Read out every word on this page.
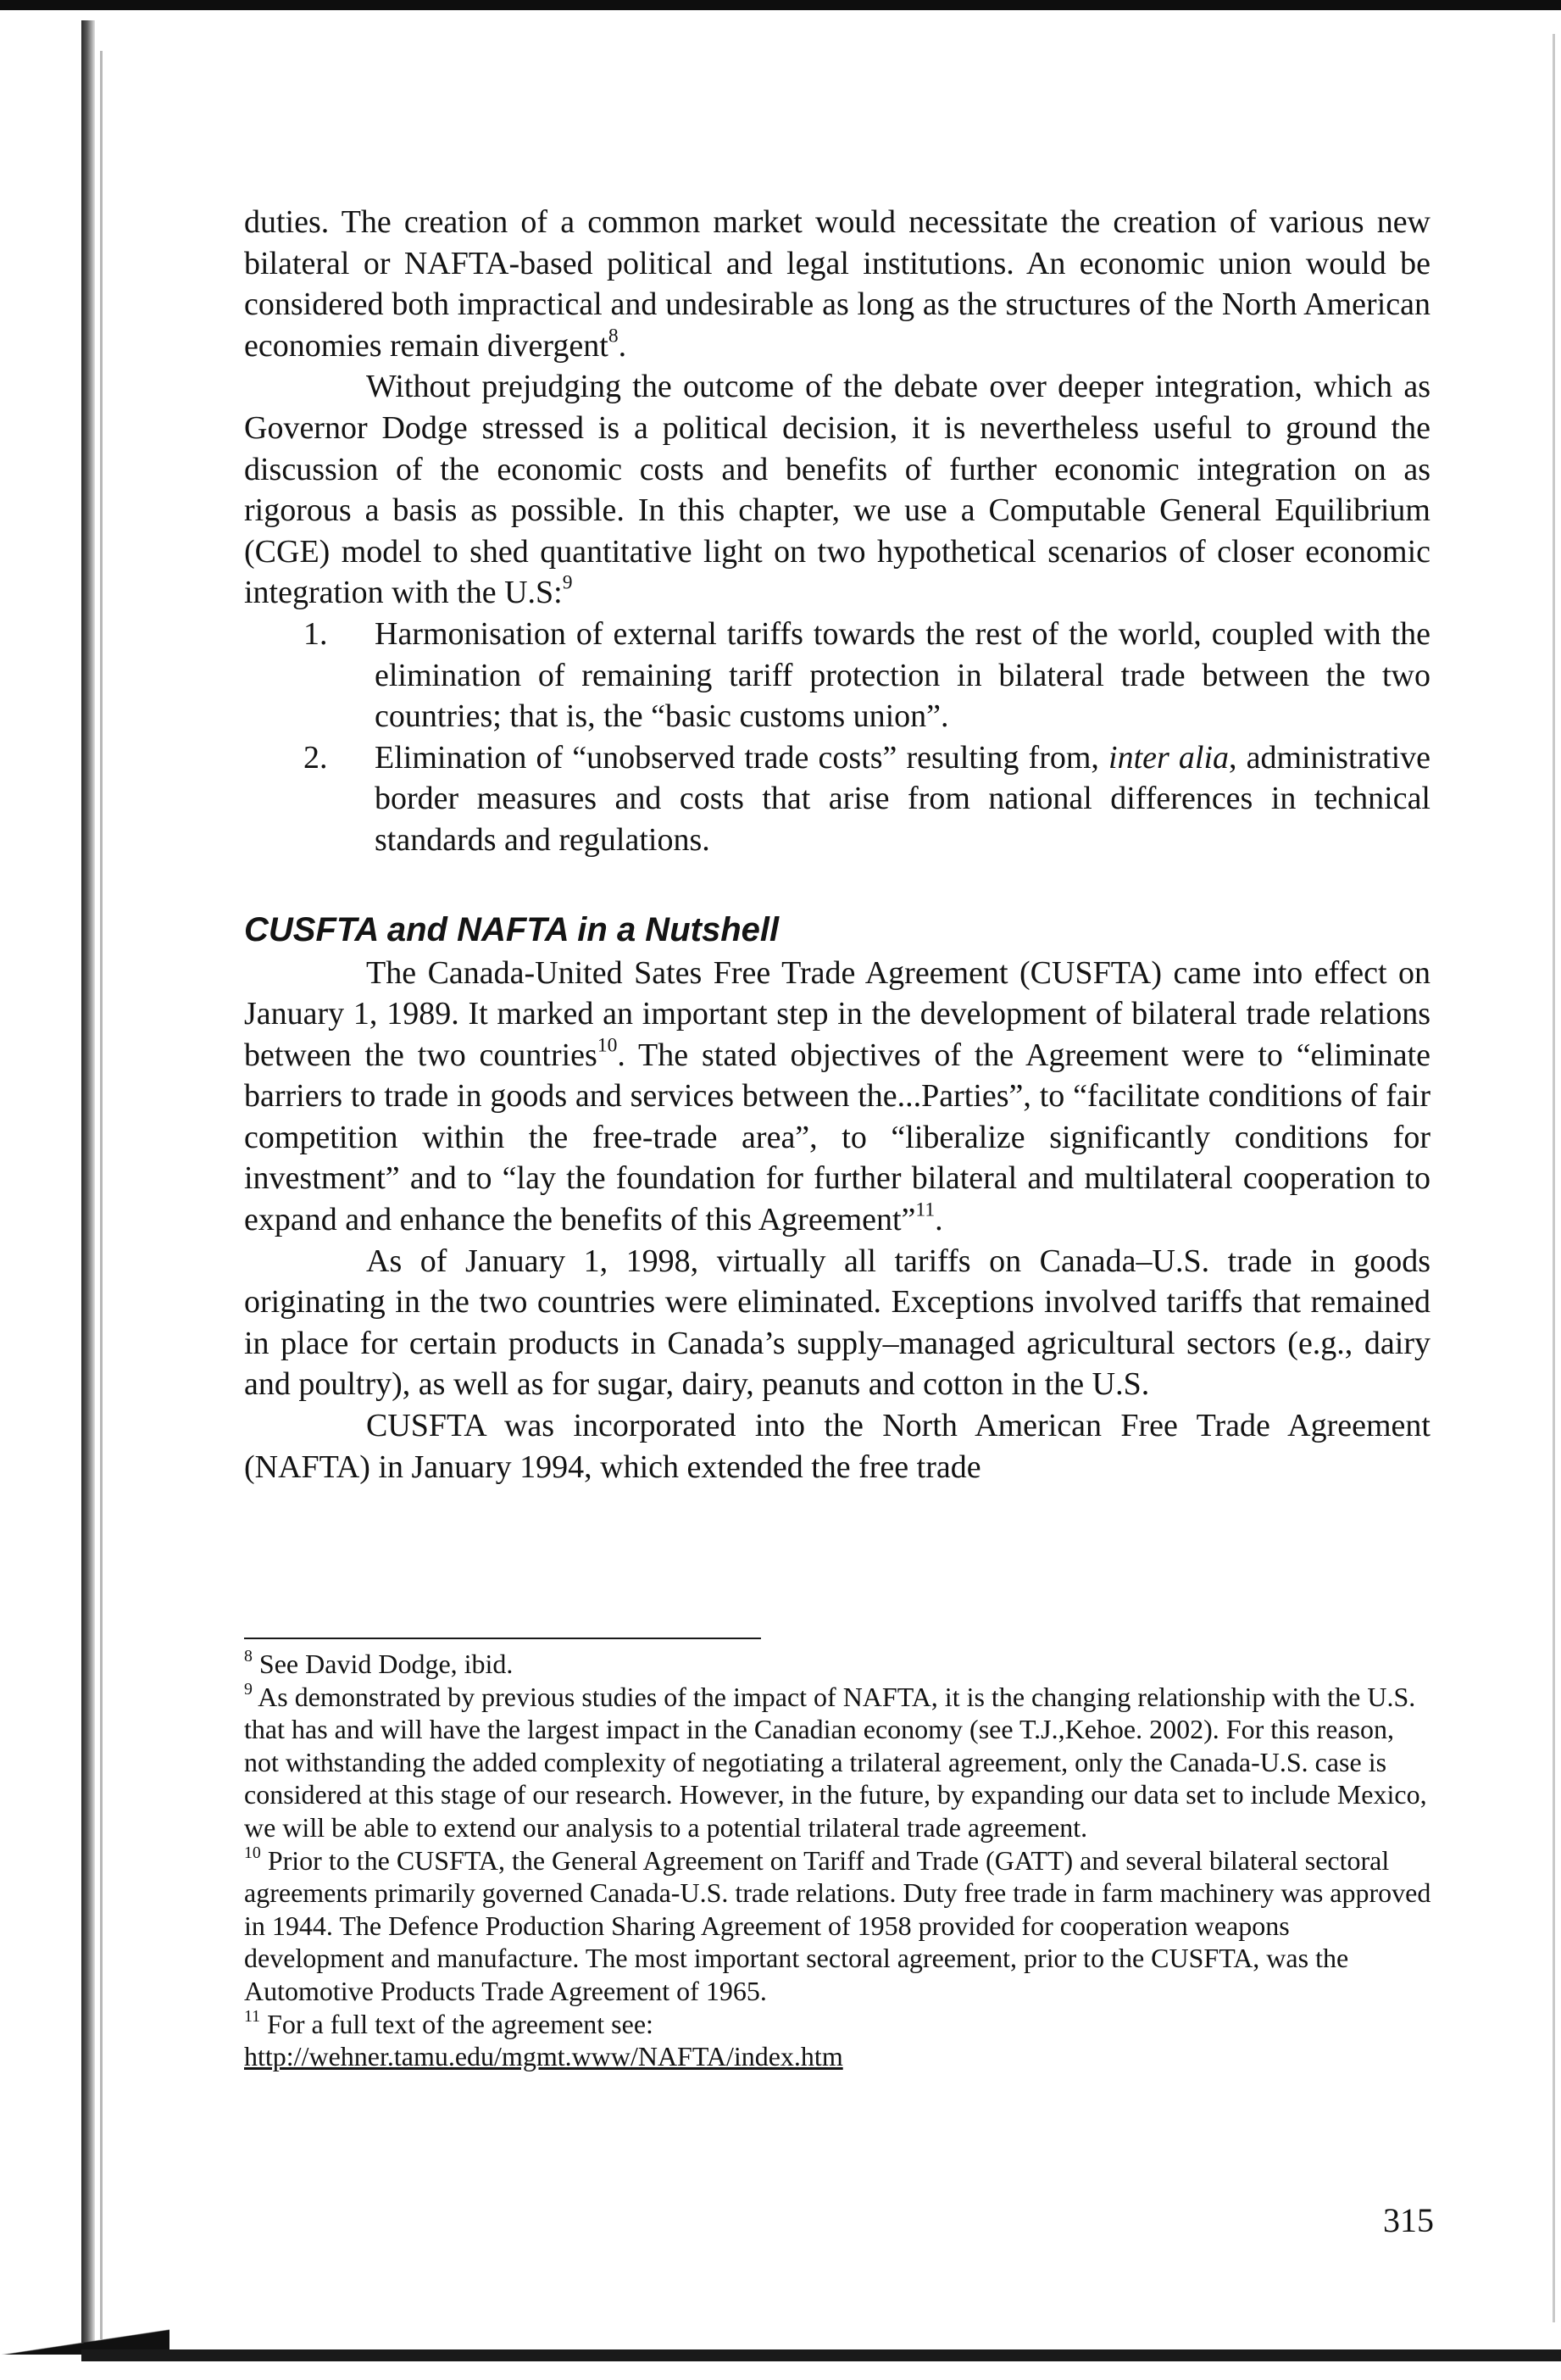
duties. The creation of a common market would necessitate the creation of various new bilateral or NAFTA-based political and legal institutions. An economic union would be considered both impractical and undesirable as long as the structures of the North American economies remain divergent$^8$.

Without prejudging the outcome of the debate over deeper integration, which as Governor Dodge stressed is a political decision, it is nevertheless useful to ground the discussion of the economic costs and benefits of further economic integration on as rigorous a basis as possible. In this chapter, we use a Computable General Equilibrium (CGE) model to shed quantitative light on two hypothetical scenarios of closer economic integration with the U.S:$^9$

1. Harmonisation of external tariffs towards the rest of the world, coupled with the elimination of remaining tariff protection in bilateral trade between the two countries; that is, the “basic customs union”.
2. Elimination of “unobserved trade costs” resulting from, inter alia, administrative border measures and costs that arise from national differences in technical standards and regulations.
CUSFTA and NAFTA in a Nutshell

The Canada-United Sates Free Trade Agreement (CUSFTA) came into effect on January 1, 1989. It marked an important step in the development of bilateral trade relations between the two countries$^{10}$. The stated objectives of the Agreement were to “eliminate barriers to trade in goods and services between the...Parties”, to “facilitate conditions of fair competition within the free-trade area”, to “liberalize significantly conditions for investment” and to “lay the foundation for further bilateral and multilateral cooperation to expand and enhance the benefits of this Agreement”$^{11}$.

As of January 1, 1998, virtually all tariffs on Canada–U.S. trade in goods originating in the two countries were eliminated. Exceptions involved tariffs that remained in place for certain products in Canada’s supply–managed agricultural sectors (e.g., dairy and poultry), as well as for sugar, dairy, peanuts and cotton in the U.S.

CUSFTA was incorporated into the North American Free Trade Agreement (NAFTA) in January 1994, which extended the free trade

$^8$ See David Dodge, ibid.

$^9$ As demonstrated by previous studies of the impact of NAFTA, it is the changing relationship with the U.S. that has and will have the largest impact in the Canadian economy (see T.J.,Kehoe. 2002). For this reason, not withstanding the added complexity of negotiating a trilateral agreement, only the Canada-U.S. case is considered at this stage of our research. However, in the future, by expanding our data set to include Mexico, we will be able to extend our analysis to a potential trilateral trade agreement.

$^{10}$ Prior to the CUSFTA, the General Agreement on Tariff and Trade (GATT) and several bilateral sectoral agreements primarily governed Canada-U.S. trade relations. Duty free trade in farm machinery was approved in 1944. The Defence Production Sharing Agreement of 1958 provided for cooperation weapons development and manufacture. The most important sectoral agreement, prior to the CUSFTA, was the Automotive Products Trade Agreement of 1965.

$^{11}$ For a full text of the agreement see:
http://wehner.tamu.edu/mgmt.www/NAFTA/index.htm

315
